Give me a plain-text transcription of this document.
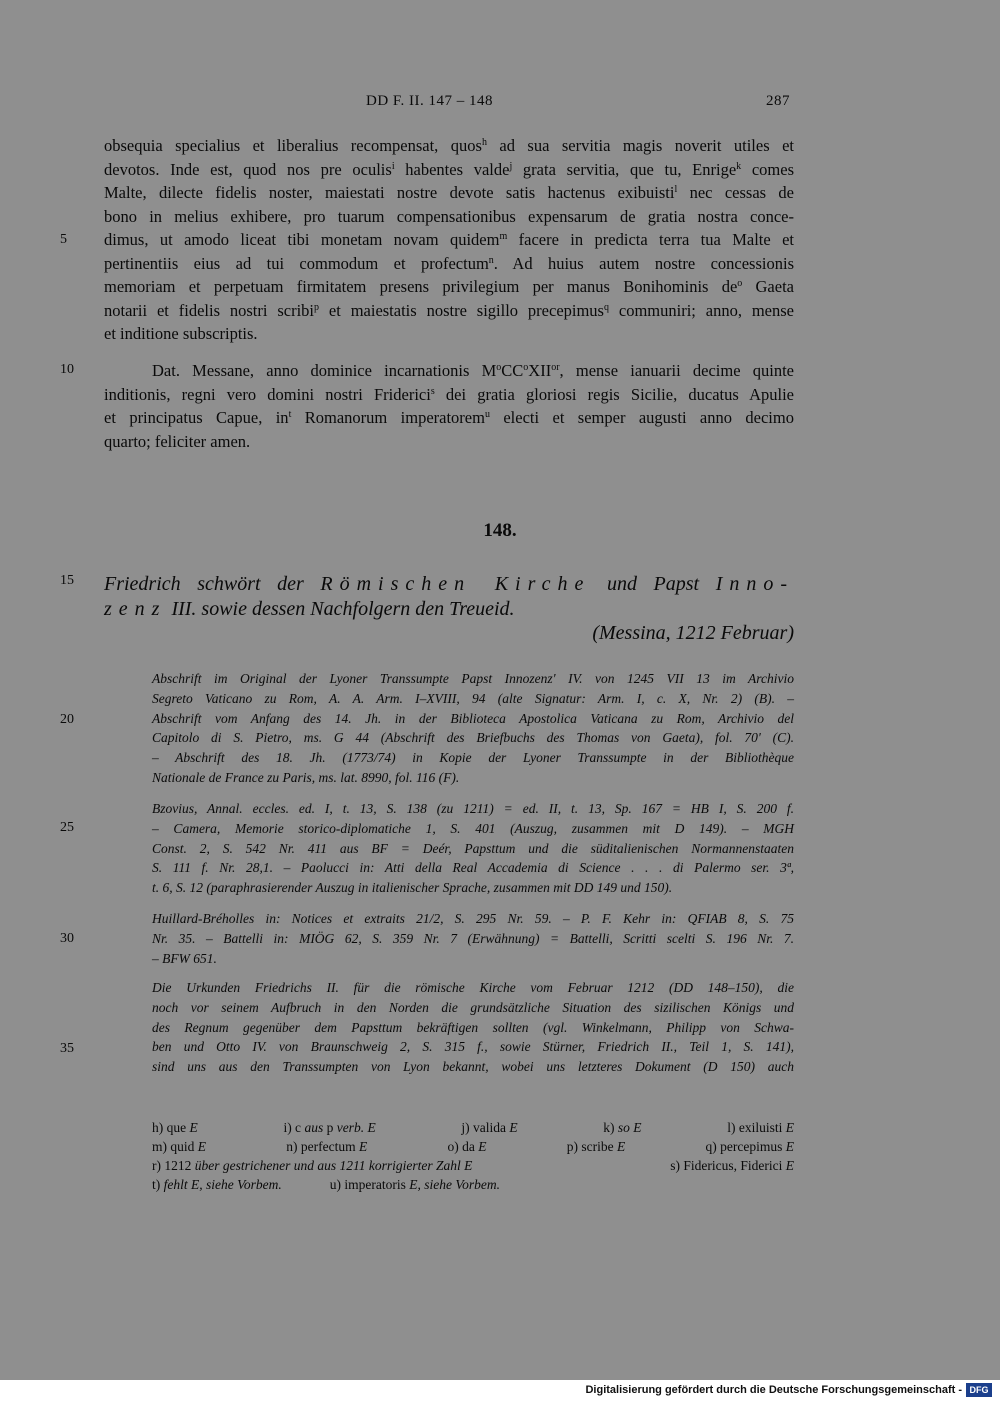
DD F. II. 147 – 148	287
5
10
15
20
25
30
35
obsequia specialius et liberalius recompensat, quos$^h$ ad sua servitia magis noverit utiles et
devotos. Inde est, quod nos pre oculis$^i$ habentes valde$^j$ grata servitia, que tu, Enrige$^k$ comes
Malte, dilecte fidelis noster, maiestati nostre devote satis hactenus exibuisti$^l$ nec cessas de
bono in melius exhibere, pro tuarum compensationibus expensarum de gratia nostra conce-
dimus, ut amodo liceat tibi monetam novam quidem$^m$ facere in predicta terra tua Malte et
pertinentiis eius ad tui commodum et profectum$^n$. Ad huius autem nostre concessionis
memoriam et perpetuam firmitatem presens privilegium per manus Bonihominis $de^o$ Gaeta
notarii et fidelis nostri scribi$^p$ et maiestatis nostre sigillo precepimus$^q$ communiri; anno, mense
et inditione subscriptis.
Dat. Messane, anno dominice incarnationis $M^oCC^oXII^{or}$, mense ianuarii decime quinte
inditionis, regni vero domini nostri Friderici$^s$ dei gratia gloriosi regis Sicilie, ducatus Apulie
et principatus Capue, $in^t$ Romanorum imperatorem$^u$ electi et semper augusti anno decimo
quarto; feliciter amen.
148.
Friedrich schwört der Römischen Kirche und Papst Inno-
zenz III. sowie dessen Nachfolgern den Treueid.
(Messina, 1212 Februar)
Abschrift im Original der Lyoner Transsumpte Papst Innozenz' IV. von 1245 VII 13 im Archivio
Segreto Vaticano zu Rom, A. A. Arm. I–XVIII, 94 (alte Signatur: Arm. I, c. X, Nr. 2) (B). –
Abschrift vom Anfang des 14. Jh. in der Biblioteca Apostolica Vaticana zu Rom, Archivio del
Capitolo di S. Pietro, ms. G 44 (Abschrift des Briefbuchs des Thomas von Gaeta), fol. 70' (C).
– Abschrift des 18. Jh. (1773/74) in Kopie der Lyoner Transsumpte in der Bibliothèque
Nationale de France zu Paris, ms. lat. 8990, fol. 116 (F).
Bzovius, Annal. eccles. ed. I, t. 13, S. 138 (zu 1211) = ed. II, t. 13, Sp. 167 = HB I, S. 200 f.
– Camera, Memorie storico-diplomatiche 1, S. 401 (Auszug, zusammen mit D 149). – MGH
Const. 2, S. 542 Nr. 411 aus BF = Deér, Papsttum und die süditalienischen Normannenstaaten
S. 111 f. Nr. 28,1. – Paolucci in: Atti della Real Accademia di Science . . . di Palermo ser. 3ª,
t. 6, S. 12 (paraphrasierender Auszug in italienischer Sprache, zusammen mit DD 149 und 150).
Huillard-Bréholles in: Notices et extraits 21/2, S. 295 Nr. 59. – P. F. Kehr in: QFIAB 8, S. 75
Nr. 35. – Battelli in: MIÖG 62, S. 359 Nr. 7 (Erwähnung) = Battelli, Scritti scelti S. 196 Nr. 7.
– BFW 651.
Die Urkunden Friedrichs II. für die römische Kirche vom Februar 1212 (DD 148–150), die
noch vor seinem Aufbruch in den Norden die grundsätzliche Situation des sizilischen Königs und
des Regnum gegenüber dem Papsttum bekräftigen sollten (vgl. Winkelmann, Philipp von Schwa-
ben und Otto IV. von Braunschweig 2, S. 315 f., sowie Stürner, Friedrich II., Teil 1, S. 141),
sind uns aus den Transsumpten von Lyon bekannt, wobei uns letzteres Dokument (D 150) auch
h) que E	i) c aus p verb. E	j) valida E	k) so E	l) exiluisti E
m) quid E	n) perfectum E	o) da E	p) scribe E	q) percepimus E
r) 1212 über gestrichener und aus 1211 korrigierter Zahl E	s) Fidericus, Fiderici E
t) fehlt E, siehe Vorbem.	u) imperatoris E, siehe Vorbem.
Digitalisierung gefördert durch die Deutsche Forschungsgemeinschaft - DFG
